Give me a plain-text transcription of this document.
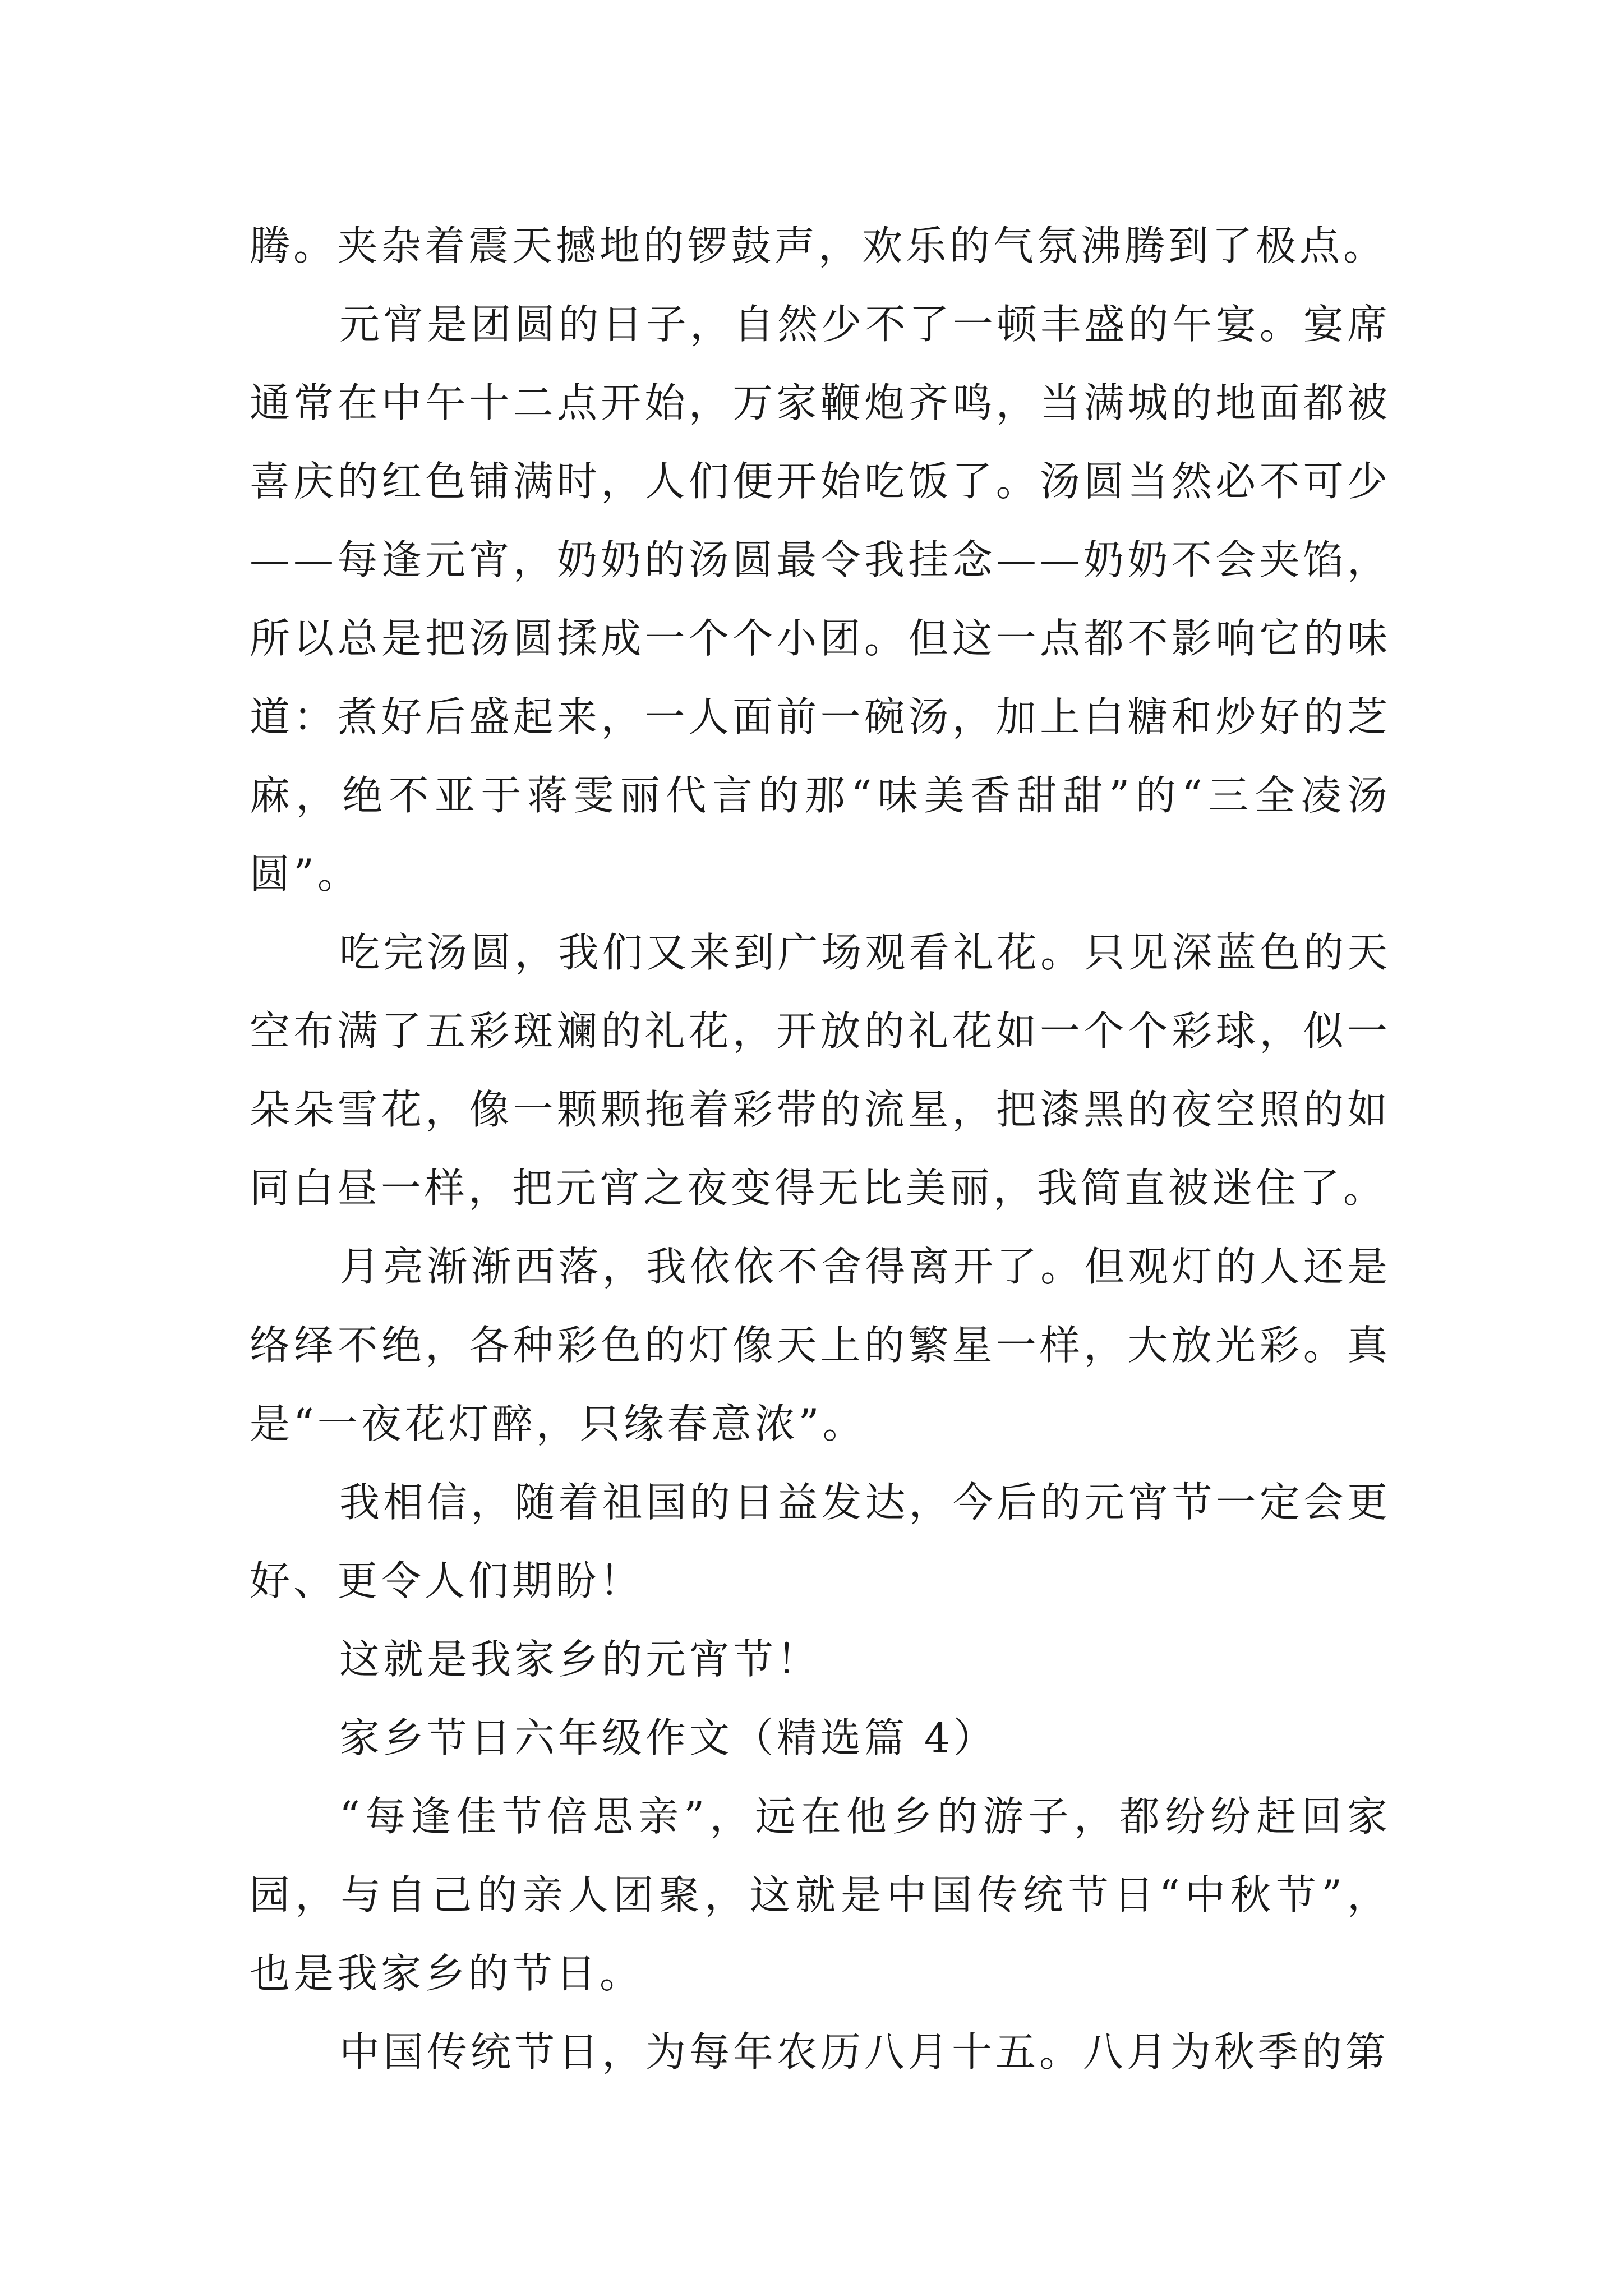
腾。夹杂着震天撼地的锣鼓声，欢乐的气氛沸腾到了极点。

元宵是团圆的日子，自然少不了一顿丰盛的午宴。宴席通常在中午十二点开始，万家鞭炮齐鸣，当满城的地面都被喜庆的红色铺满时，人们便开始吃饭了。汤圆当然必不可少——每逢元宵，奶奶的汤圆最令我挂念——奶奶不会夹馅，所以总是把汤圆揉成一个个小团。但这一点都不影响它的味道：煮好后盛起来，一人面前一碗汤，加上白糖和炒好的芝麻，绝不亚于蒋雯丽代言的那“味美香甜甜”的“三全凌汤圆”。

吃完汤圆，我们又来到广场观看礼花。只见深蓝色的天空布满了五彩斑斓的礼花，开放的礼花如一个个彩球，似一朵朵雪花，像一颗颗拖着彩带的流星，把漆黑的夜空照的如同白昼一样，把元宵之夜变得无比美丽，我简直被迷住了。

月亮渐渐西落，我依依不舍得离开了。但观灯的人还是络绎不绝，各种彩色的灯像天上的繁星一样，大放光彩。真是“一夜花灯醉，只缘春意浓”。

我相信，随着祖国的日益发达，今后的元宵节一定会更好、更令人们期盼！

这就是我家乡的元宵节！

家乡节日六年级作文（精选篇 4）

“每逢佳节倍思亲”，远在他乡的游子，都纷纷赶回家园，与自己的亲人团聚，这就是中国传统节日“中秋节”，也是我家乡的节日。

中国传统节日，为每年农历八月十五。八月为秋季的第
